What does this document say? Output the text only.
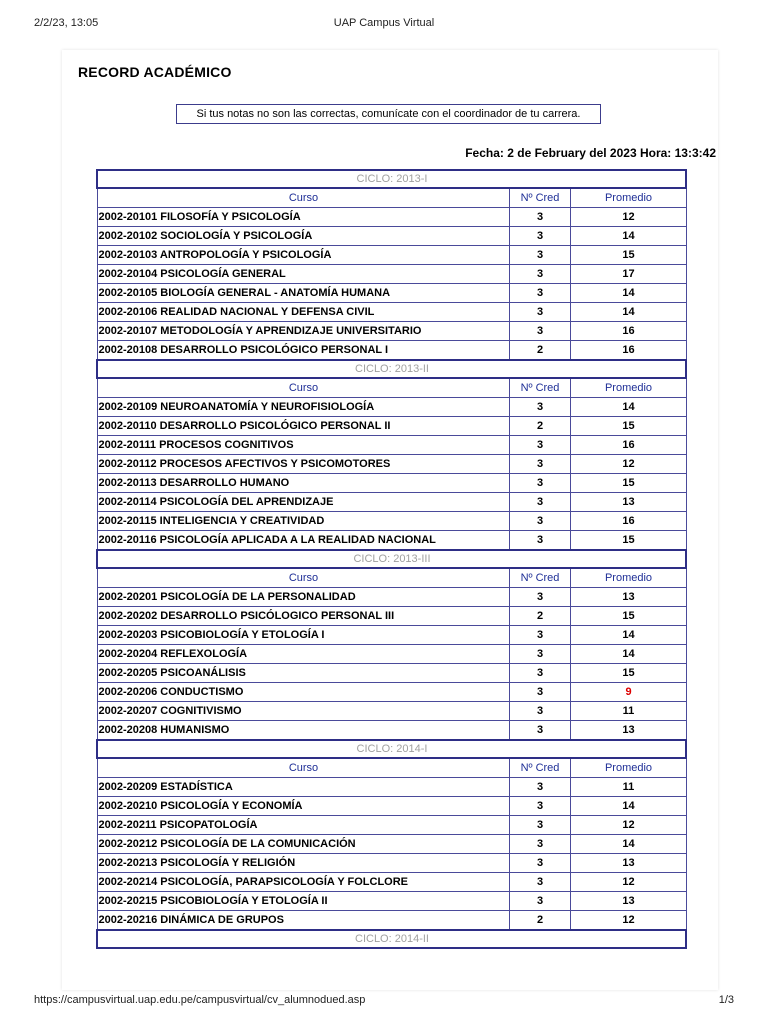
2/2/23, 13:05	UAP Campus Virtual
RECORD ACADÉMICO
Si tus notas no son las correctas, comunícate con el coordinador de tu carrera.
Fecha: 2 de February del 2023 Hora: 13:3:42
CICLO: 2013-I		
Curso	Nº Cred	Promedio
2002-20101 FILOSOFÍA Y PSICOLOGÍA	3	12
2002-20102 SOCIOLOGÍA Y PSICOLOGÍA	3	14
2002-20103 ANTROPOLOGÍA Y PSICOLOGÍA	3	15
2002-20104 PSICOLOGÍA GENERAL	3	17
2002-20105 BIOLOGÍA GENERAL - ANATOMÍA HUMANA	3	14
2002-20106 REALIDAD NACIONAL Y DEFENSA CIVIL	3	14
2002-20107 METODOLOGÍA Y APRENDIZAJE UNIVERSITARIO	3	16
2002-20108 DESARROLLO PSICOLÓGICO PERSONAL I	2	16
CICLO: 2013-II		
Curso	Nº Cred	Promedio
2002-20109 NEUROANATOMÍA Y NEUROFISIOLOGÍA	3	14
2002-20110 DESARROLLO PSICOLÓGICO PERSONAL II	2	15
2002-20111 PROCESOS COGNITIVOS	3	16
2002-20112 PROCESOS AFECTIVOS Y PSICOMOTORES	3	12
2002-20113 DESARROLLO HUMANO	3	15
2002-20114 PSICOLOGÍA DEL APRENDIZAJE	3	13
2002-20115 INTELIGENCIA Y CREATIVIDAD	3	16
2002-20116 PSICOLOGÍA APLICADA A LA REALIDAD NACIONAL	3	15
CICLO: 2013-III		
Curso	Nº Cred	Promedio
2002-20201 PSICOLOGÍA DE LA PERSONALIDAD	3	13
2002-20202 DESARROLLO PSICÓLOGICO PERSONAL III	2	15
2002-20203 PSICOBIOLOGÍA Y ETOLOGÍA I	3	14
2002-20204 REFLEXOLOGÍA	3	14
2002-20205 PSICOANÁLISIS	3	15
2002-20206 CONDUCTISMO	3	9
2002-20207 COGNITIVISMO	3	11
2002-20208 HUMANISMO	3	13
CICLO: 2014-I		
Curso	Nº Cred	Promedio
2002-20209 ESTADÍSTICA	3	11
2002-20210 PSICOLOGÍA Y ECONOMÍA	3	14
2002-20211 PSICOPATOLOGÍA	3	12
2002-20212 PSICOLOGÍA DE LA COMUNICACIÓN	3	14
2002-20213 PSICOLOGÍA Y RELIGIÓN	3	13
2002-20214 PSICOLOGÍA, PARAPSICOLOGÍA Y FOLCLORE	3	12
2002-20215 PSICOBIOLOGÍA Y ETOLOGÍA II	3	13
2002-20216 DINÁMICA DE GRUPOS	2	12
CICLO: 2014-II		
https://campusvirtual.uap.edu.pe/campusvirtual/cv_alumnodued.asp	1/3
